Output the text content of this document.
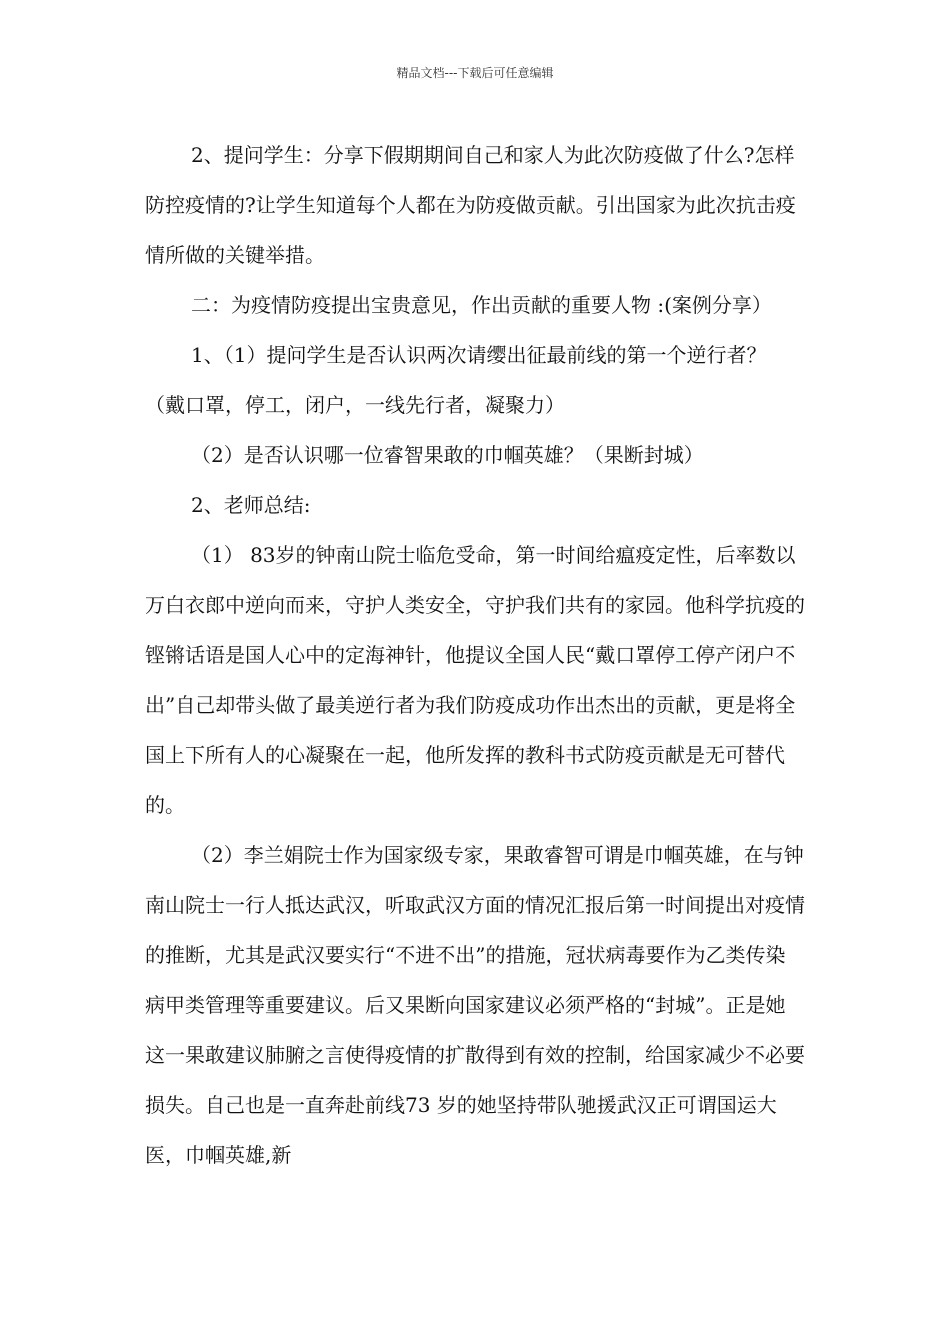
精品文档---下载后可任意编辑

2、提问学生：分享下假期期间自己和家人为此次防疫做了什么?怎样防控疫情的?让学生知道每个人都在为防疫做贡献。引出国家为此次抗击疫情所做的关键举措。

二：为疫情防疫提出宝贵意见，作出贡献的重要人物 :(案例分享）

1、（1）提问学生是否认识两次请缨出征最前线的第一个逆行者？（戴口罩，停工，闭户，一线先行者，凝聚力）

（2）是否认识哪一位睿智果敢的巾帼英雄？（果断封城）

2、老师总结:

（1） 83岁的钟南山院士临危受命，第一时间给瘟疫定性，后率数以万白衣郎中逆向而来，守护人类安全，守护我们共有的家园。他科学抗疫的铿锵话语是国人心中的定海神针，他提议全国人民“戴口罩停工停产闭户不出”自己却带头做了最美逆行者为我们防疫成功作出杰出的贡献，更是将全国上下所有人的心凝聚在一起，他所发挥的教科书式防疫贡献是无可替代的。

（2）李兰娟院士作为国家级专家，果敢睿智可谓是巾帼英雄，在与钟南山院士一行人抵达武汉，听取武汉方面的情况汇报后第一时间提出对疫情的推断，尤其是武汉要实行“不进不出”的措施，冠状病毒要作为乙类传染病甲类管理等重要建议。后又果断向国家建议必须严格的“封城”。正是她这一果敢建议肺腑之言使得疫情的扩散得到有效的控制，给国家减少不必要损失。自己也是一直奔赴前线73 岁的她坚持带队驰援武汉正可谓国运大医，巾帼英雄,新
